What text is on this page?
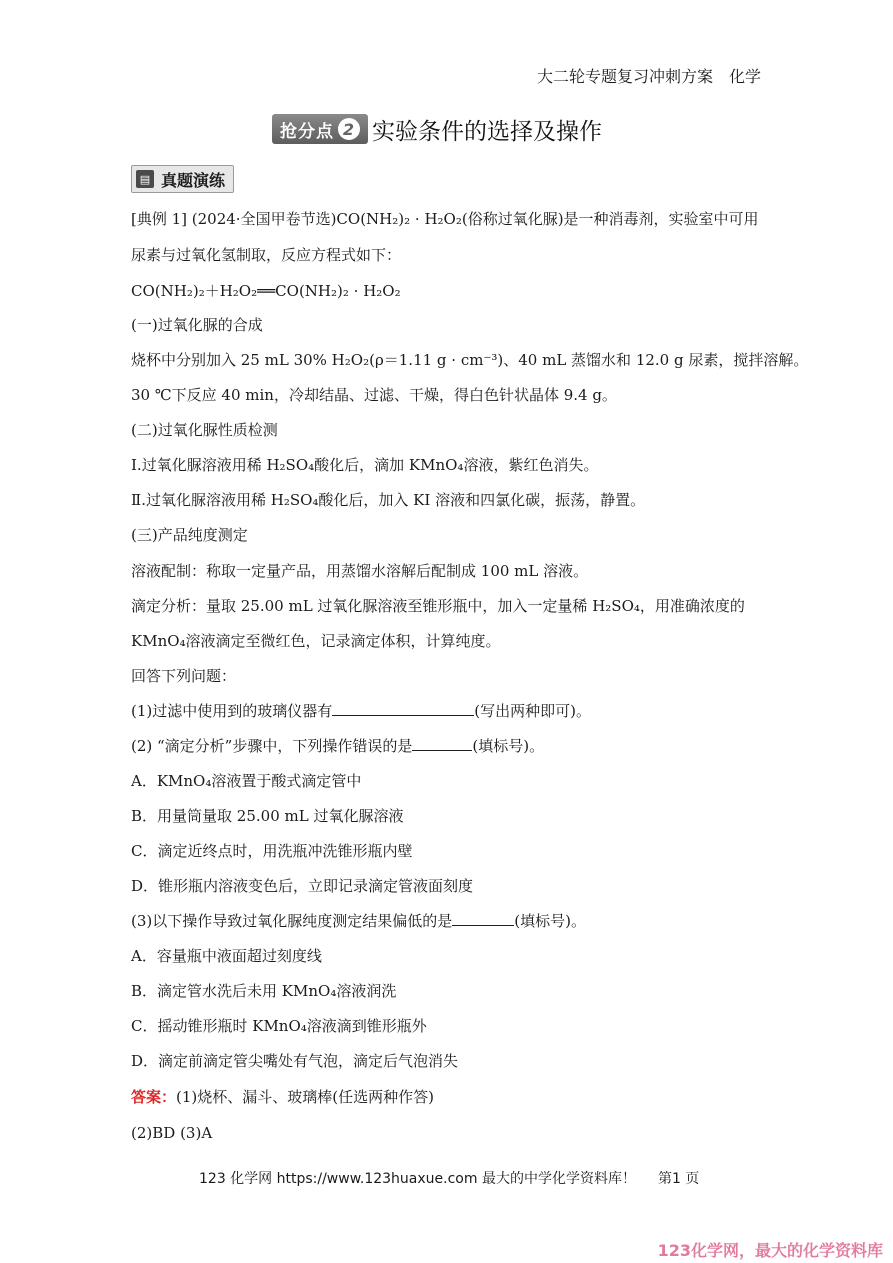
大二轮专题复习冲刺方案 化学
抢分点 2 实验条件的选择及操作
▤ 真题演练
[典例 1] (2024·全国甲卷节选)CO(NH₂)₂ · H₂O₂(俗称过氧化脲)是一种消毒剂，实验室中可用
尿素与过氧化氢制取，反应方程式如下：
CO(NH₂)₂＋H₂O₂══CO(NH₂)₂ · H₂O₂
(一)过氧化脲的合成
烧杯中分别加入 25 mL 30% H₂O₂(ρ＝1.11 g · cm⁻³)、40 mL 蒸馏水和 12.0 g 尿素，搅拌溶解。
30 ℃下反应 40 min，冷却结晶、过滤、干燥，得白色针状晶体 9.4 g。
(二)过氧化脲性质检测
Ⅰ.过氧化脲溶液用稀 H₂SO₄酸化后，滴加 KMnO₄溶液，紫红色消失。
Ⅱ.过氧化脲溶液用稀 H₂SO₄酸化后，加入 KI 溶液和四氯化碳，振荡，静置。
(三)产品纯度测定
溶液配制：称取一定量产品，用蒸馏水溶解后配制成 100 mL 溶液。
滴定分析：量取 25.00 mL 过氧化脲溶液至锥形瓶中，加入一定量稀 H₂SO₄，用准确浓度的
KMnO₄溶液滴定至微红色，记录滴定体积，计算纯度。
回答下列问题：
(1)过滤中使用到的玻璃仪器有	(写出两种即可)。
(2) “滴定分析”步骤中，下列操作错误的是	(填标号)。
A．KMnO₄溶液置于酸式滴定管中
B．用量筒量取 25.00 mL 过氧化脲溶液
C．滴定近终点时，用洗瓶冲洗锥形瓶内壁
D．锥形瓶内溶液变色后，立即记录滴定管液面刻度
(3)以下操作导致过氧化脲纯度测定结果偏低的是	(填标号)。
A．容量瓶中液面超过刻度线
B．滴定管水洗后未用 KMnO₄溶液润洗
C．摇动锥形瓶时 KMnO₄溶液滴到锥形瓶外
D．滴定前滴定管尖嘴处有气泡，滴定后气泡消失
答案：(1)烧杯、漏斗、玻璃棒(任选两种作答)
(2)BD (3)A
123 化学网 https://www.123huaxue.com 最大的中学化学资料库！ 第1 页
123化学网，最大的化学资料库
